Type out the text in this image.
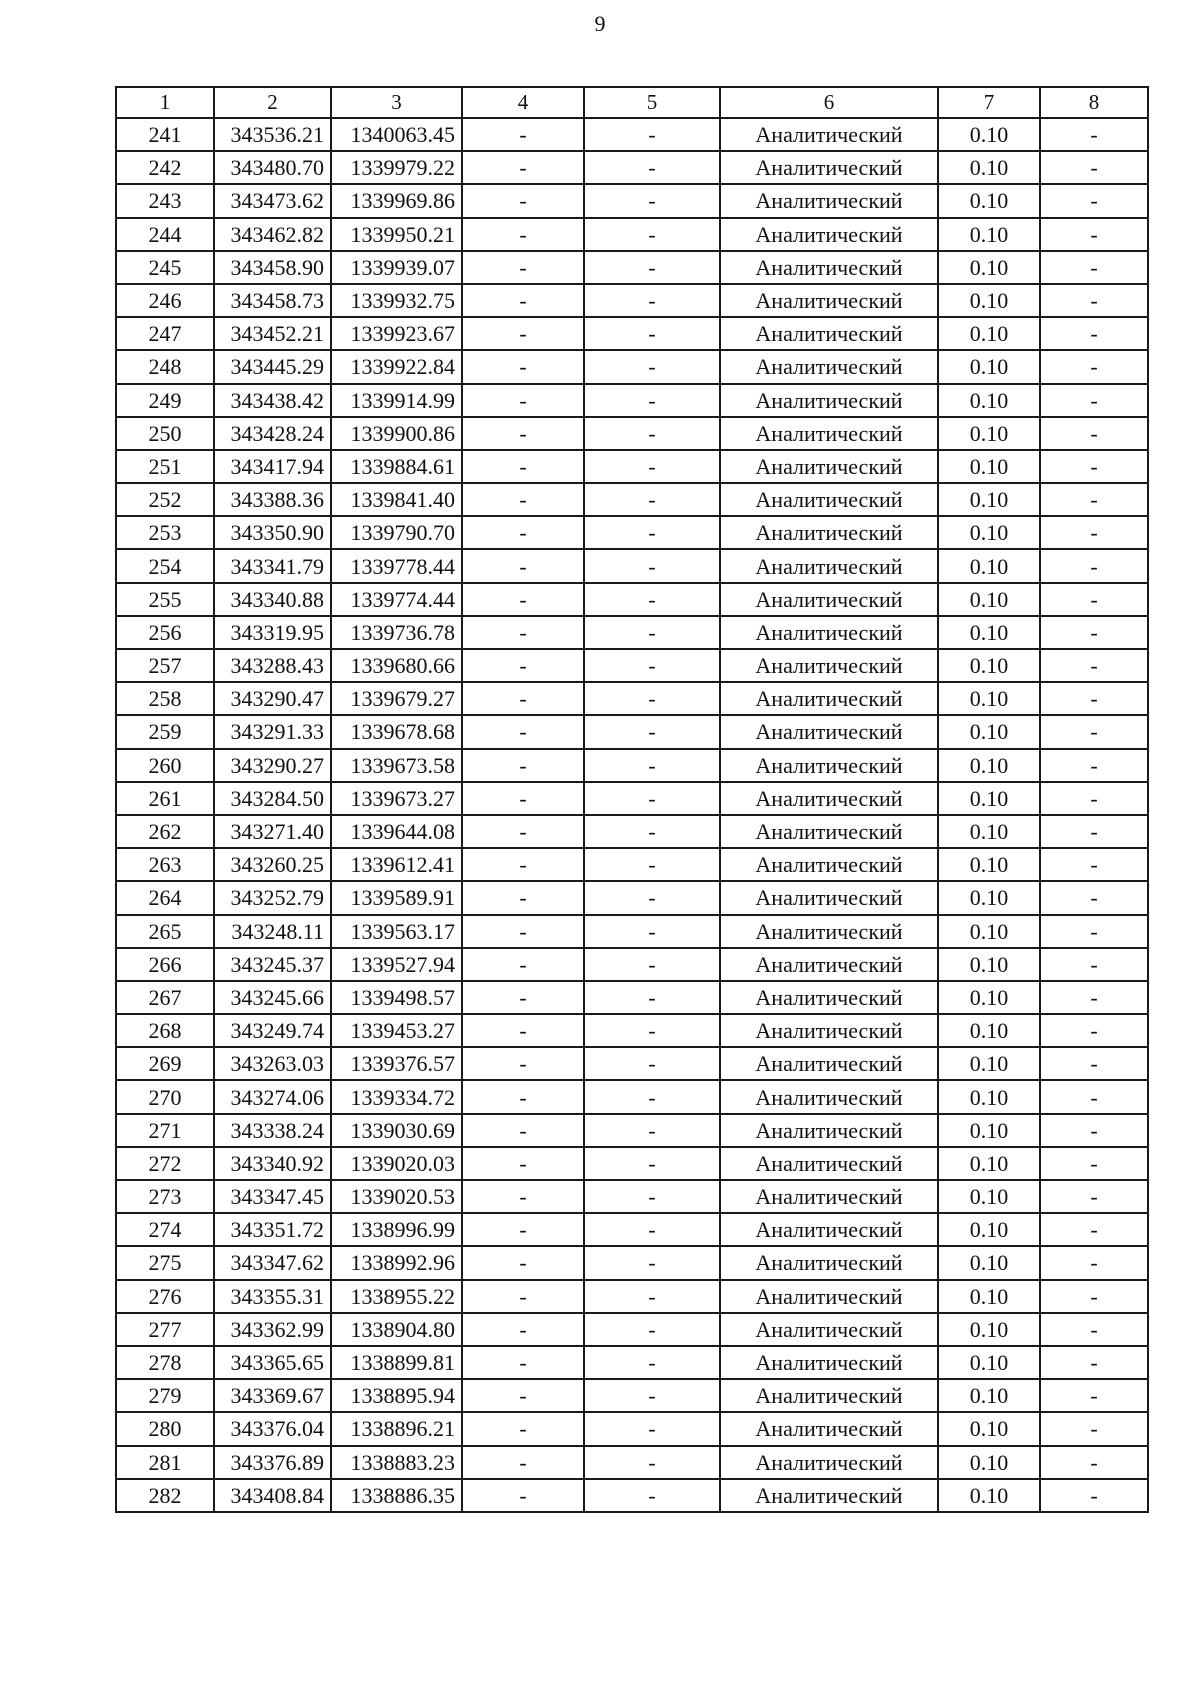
9
1	2	3	4	5	6	7	8
241	343536.21	1340063.45	-	-	Аналитический	0.10	-
242	343480.70	1339979.22	-	-	Аналитический	0.10	-
243	343473.62	1339969.86	-	-	Аналитический	0.10	-
244	343462.82	1339950.21	-	-	Аналитический	0.10	-
245	343458.90	1339939.07	-	-	Аналитический	0.10	-
246	343458.73	1339932.75	-	-	Аналитический	0.10	-
247	343452.21	1339923.67	-	-	Аналитический	0.10	-
248	343445.29	1339922.84	-	-	Аналитический	0.10	-
249	343438.42	1339914.99	-	-	Аналитический	0.10	-
250	343428.24	1339900.86	-	-	Аналитический	0.10	-
251	343417.94	1339884.61	-	-	Аналитический	0.10	-
252	343388.36	1339841.40	-	-	Аналитический	0.10	-
253	343350.90	1339790.70	-	-	Аналитический	0.10	-
254	343341.79	1339778.44	-	-	Аналитический	0.10	-
255	343340.88	1339774.44	-	-	Аналитический	0.10	-
256	343319.95	1339736.78	-	-	Аналитический	0.10	-
257	343288.43	1339680.66	-	-	Аналитический	0.10	-
258	343290.47	1339679.27	-	-	Аналитический	0.10	-
259	343291.33	1339678.68	-	-	Аналитический	0.10	-
260	343290.27	1339673.58	-	-	Аналитический	0.10	-
261	343284.50	1339673.27	-	-	Аналитический	0.10	-
262	343271.40	1339644.08	-	-	Аналитический	0.10	-
263	343260.25	1339612.41	-	-	Аналитический	0.10	-
264	343252.79	1339589.91	-	-	Аналитический	0.10	-
265	343248.11	1339563.17	-	-	Аналитический	0.10	-
266	343245.37	1339527.94	-	-	Аналитический	0.10	-
267	343245.66	1339498.57	-	-	Аналитический	0.10	-
268	343249.74	1339453.27	-	-	Аналитический	0.10	-
269	343263.03	1339376.57	-	-	Аналитический	0.10	-
270	343274.06	1339334.72	-	-	Аналитический	0.10	-
271	343338.24	1339030.69	-	-	Аналитический	0.10	-
272	343340.92	1339020.03	-	-	Аналитический	0.10	-
273	343347.45	1339020.53	-	-	Аналитический	0.10	-
274	343351.72	1338996.99	-	-	Аналитический	0.10	-
275	343347.62	1338992.96	-	-	Аналитический	0.10	-
276	343355.31	1338955.22	-	-	Аналитический	0.10	-
277	343362.99	1338904.80	-	-	Аналитический	0.10	-
278	343365.65	1338899.81	-	-	Аналитический	0.10	-
279	343369.67	1338895.94	-	-	Аналитический	0.10	-
280	343376.04	1338896.21	-	-	Аналитический	0.10	-
281	343376.89	1338883.23	-	-	Аналитический	0.10	-
282	343408.84	1338886.35	-	-	Аналитический	0.10	-
